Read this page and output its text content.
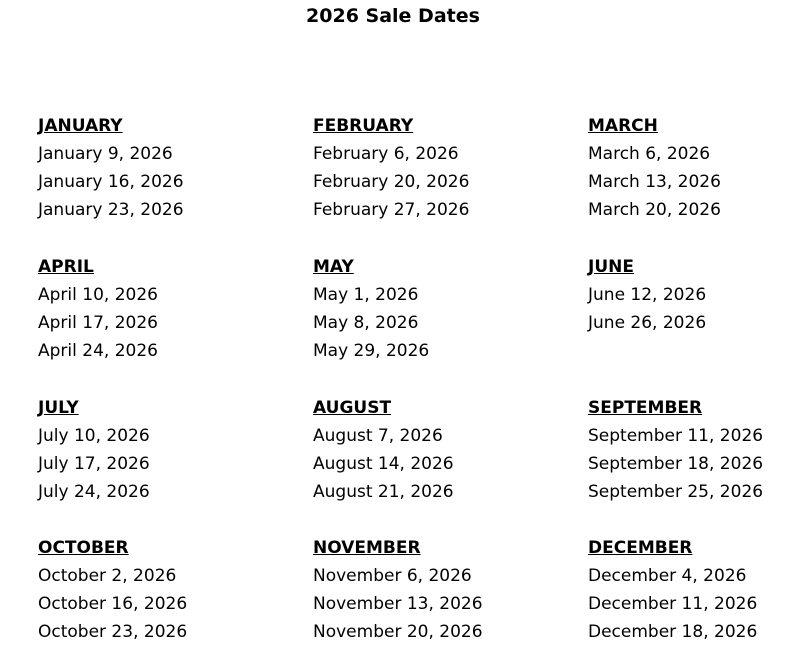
2026 Sale Dates
JANUARY
January 9, 2026
January 16, 2026
January 23, 2026
FEBRUARY
February 6, 2026
February 20, 2026
February 27, 2026
MARCH
March 6, 2026
March 13, 2026
March 20, 2026
APRIL
April 10, 2026
April 17, 2026
April 24, 2026
MAY
May 1, 2026
May 8, 2026
May 29, 2026
JUNE
June 12, 2026
June 26, 2026
JULY
July 10, 2026
July 17, 2026
July 24, 2026
AUGUST
August 7, 2026
August 14, 2026
August 21, 2026
SEPTEMBER
September 11, 2026
September 18, 2026
September 25, 2026
OCTOBER
October 2, 2026
October 16, 2026
October 23, 2026
NOVEMBER
November 6, 2026
November 13, 2026
November 20, 2026
DECEMBER
December 4, 2026
December 11, 2026
December 18, 2026
